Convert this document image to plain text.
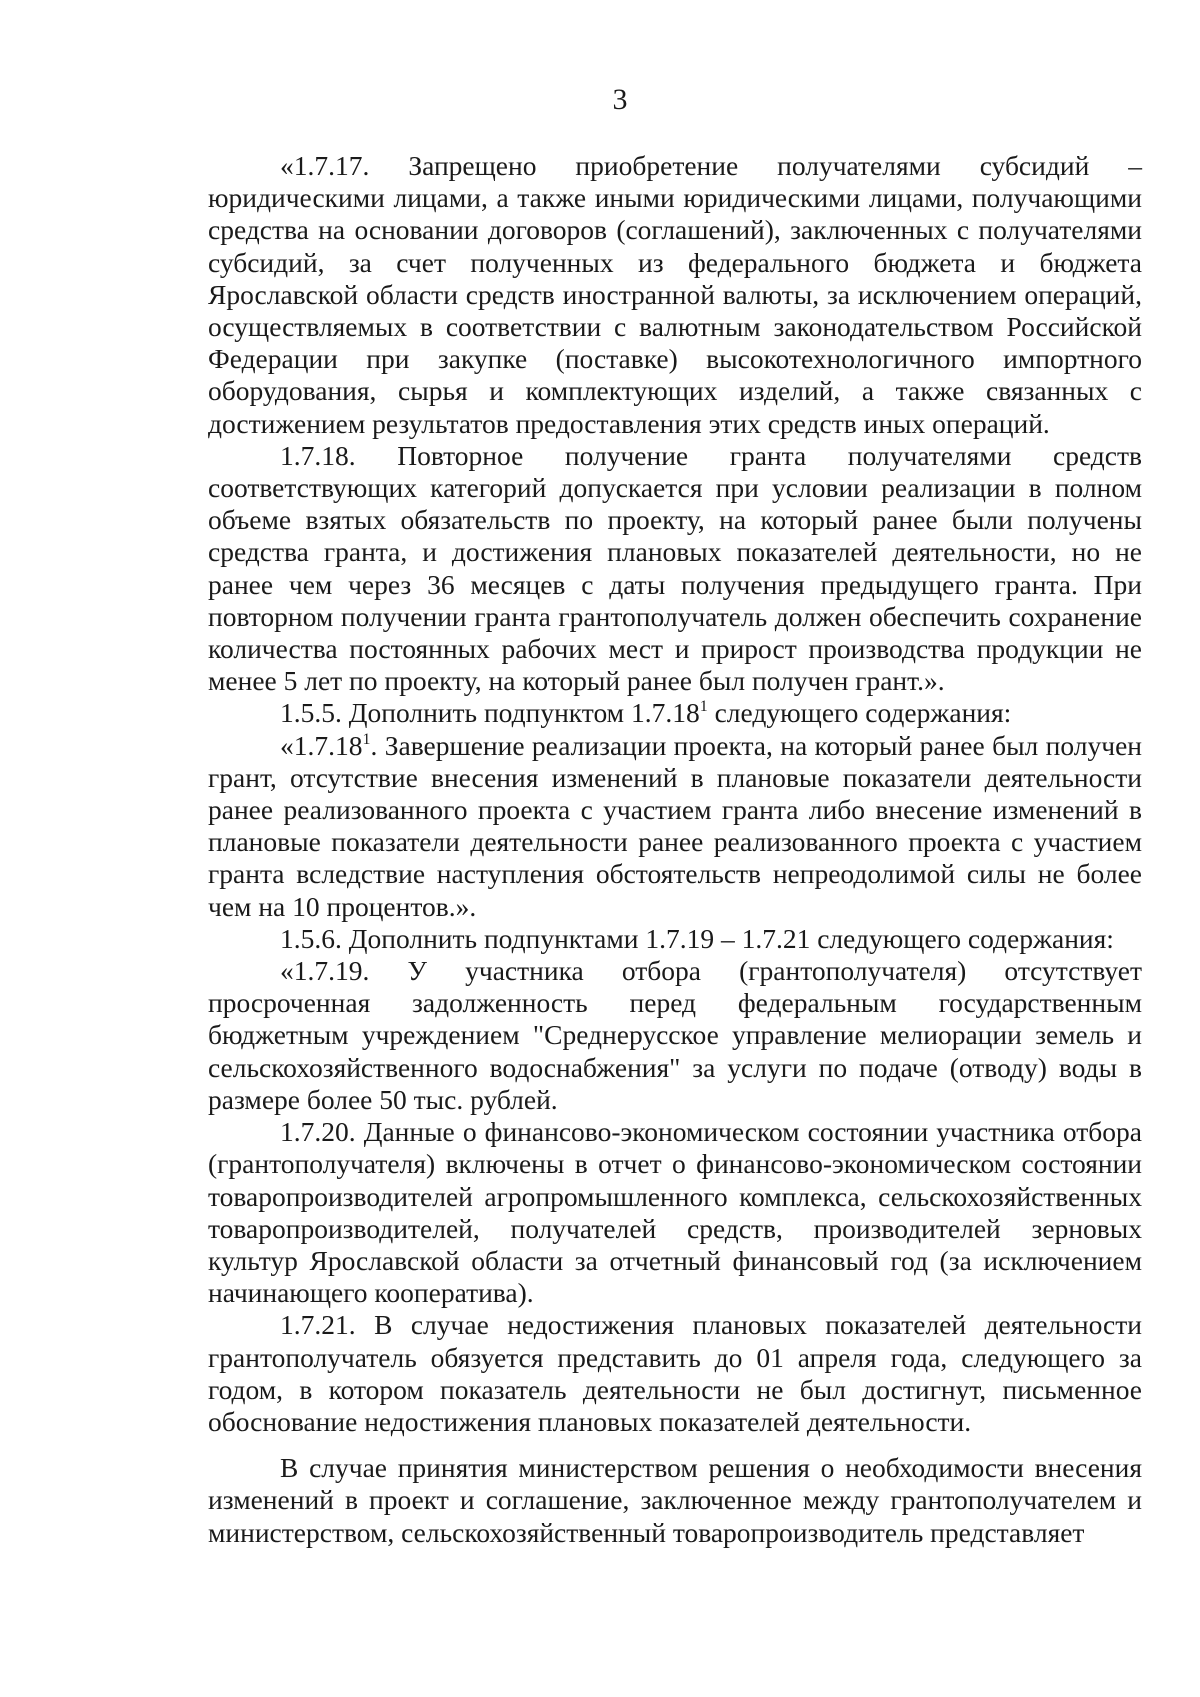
3

«1.7.17. Запрещено приобретение получателями субсидий – юридическими лицами, а также иными юридическими лицами, получающими средства на основании договоров (соглашений), заключенных с получателями субсидий, за счет полученных из федерального бюджета и бюджета Ярославской области средств иностранной валюты, за исключением операций, осуществляемых в соответствии с валютным законодательством Российской Федерации при закупке (поставке) высокотехнологичного импортного оборудования, сырья и комплектующих изделий, а также связанных с достижением результатов предоставления этих средств иных операций.

1.7.18. Повторное получение гранта получателями средств соответствующих категорий допускается при условии реализации в полном объеме взятых обязательств по проекту, на который ранее были получены средства гранта, и достижения плановых показателей деятельности, но не ранее чем через 36 месяцев с даты получения предыдущего гранта. При повторном получении гранта грантополучатель должен обеспечить сохранение количества постоянных рабочих мест и прирост производства продукции не менее 5 лет по проекту, на который ранее был получен грант.».

1.5.5. Дополнить подпунктом 1.7.18$^1$ следующего содержания:

«1.7.18$^1$. Завершение реализации проекта, на который ранее был получен грант, отсутствие внесения изменений в плановые показатели деятельности ранее реализованного проекта с участием гранта либо внесение изменений в плановые показатели деятельности ранее реализованного проекта с участием гранта вследствие наступления обстоятельств непреодолимой силы не более чем на 10 процентов.».

1.5.6. Дополнить подпунктами 1.7.19 – 1.7.21 следующего содержания:

«1.7.19. У участника отбора (грантополучателя) отсутствует просроченная задолженность перед федеральным государственным бюджетным учреждением "Среднерусское управление мелиорации земель и сельскохозяйственного водоснабжения" за услуги по подаче (отводу) воды в размере более 50 тыс. рублей.

1.7.20. Данные о финансово-экономическом состоянии участника отбора (грантополучателя) включены в отчет о финансово-экономическом состоянии товаропроизводителей агропромышленного комплекса, сельскохозяйственных товаропроизводителей, получателей средств, производителей зерновых культур Ярославской области за отчетный финансовый год (за исключением начинающего кооператива).

1.7.21. В случае недостижения плановых показателей деятельности грантополучатель обязуется представить до 01 апреля года, следующего за годом, в котором показатель деятельности не был достигнут, письменное обоснование недостижения плановых показателей деятельности.

В случае принятия министерством решения о необходимости внесения изменений в проект и соглашение, заключенное между грантополучателем и министерством, сельскохозяйственный товаропроизводитель представляет
